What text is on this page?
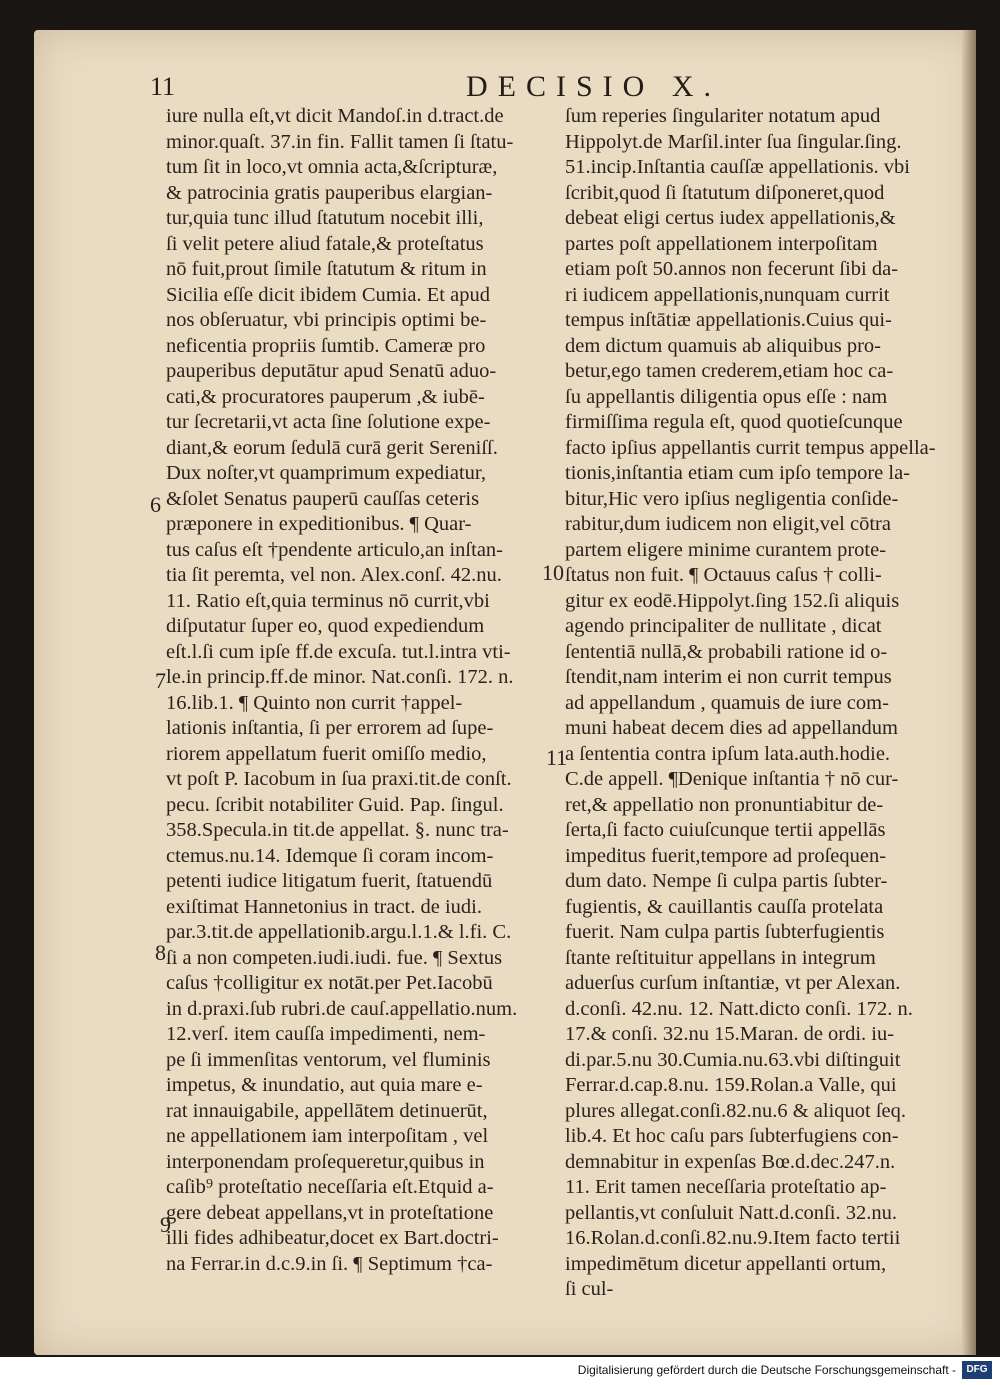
11	DECISIO X.
6
7
8
9
10
11
iure nulla eſt,vt dicit Mandoſ.in d.tract.de
minor.quaſt. 37.in fin. Fallit tamen ſi ſtatu-
tum ſit in loco,vt omnia acta,&ſcripturæ,
& patrocinia gratis pauperibus elargian-
tur,quia tunc illud ſtatutum nocebit illi,
ſi velit petere aliud fatale,& proteſtatus
nō fuit,prout ſimile ſtatutum & ritum in
Sicilia eſſe dicit ibidem Cumia. Et apud
nos obſeruatur, vbi principis optimi be-
neficentia propriis ſumtib. Cameræ pro
pauperibus deputātur apud Senatū aduo-
cati,& procuratores pauperum ,& iubē-
tur ſecretarii,vt acta ſine ſolutione expe-
diant,& eorum ſedulā curā gerit Sereniſſ.
Dux noſter,vt quamprimum expediatur,
&ſolet Senatus pauperū cauſſas ceteris
præponere in expeditionibus. ¶ Quar-
tus caſus eſt †pendente articulo,an inſtan-
tia ſit peremta, vel non. Alex.conſ. 42.nu.
11. Ratio eſt,quia terminus nō currit,vbi
diſputatur ſuper eo, quod expediendum
eſt.l.ſi cum ipſe ff.de excuſa. tut.l.intra vti-
le.in princip.ff.de minor. Nat.conſi. 172. n.
16.lib.1. ¶ Quinto non currit †appel-
lationis inſtantia, ſi per errorem ad ſupe-
riorem appellatum fuerit omiſſo medio,
vt poſt P. Iacobum in ſua praxi.tit.de conſt.
pecu. ſcribit notabiliter Guid. Pap. ſingul.
358.Specula.in tit.de appellat. §. nunc tra-
ctemus.nu.14. Idemque ſi coram incom-
petenti iudice litigatum fuerit, ſtatuendū
exiſtimat Hannetonius in tract. de iudi.
par.3.tit.de appellationib.argu.l.1.& l.fi. C.
ſi a non competen.iudi.iudi. fue. ¶ Sextus
caſus †colligitur ex notāt.per Pet.Iacobū
in d.praxi.ſub rubri.de cauſ.appellatio.num.
12.verſ. item cauſſa impedimenti, nem-
pe ſi immenſitas ventorum, vel fluminis
impetus, & inundatio, aut quia mare e-
rat innauigabile, appellātem detinuerūt,
ne appellationem iam interpoſitam , vel
interponendam proſequeretur,quibus in
caſib⁹ proteſtatio neceſſaria eſt.Etquid a-
gere debeat appellans,vt in proteſtatione
illi fides adhibeatur,docet ex Bart.doctri-
na Ferrar.in d.c.9.in ſi. ¶ Septimum †ca-
ſum reperies ſingulariter notatum apud
Hippolyt.de Marſil.inter ſua ſingular.ſing.
51.incip.Inſtantia cauſſæ appellationis. vbi
ſcribit,quod ſi ſtatutum diſponeret,quod
debeat eligi certus iudex appellationis,&
partes poſt appellationem interpoſitam
etiam poſt 50.annos non fecerunt ſibi da-
ri iudicem appellationis,nunquam currit
tempus inſtātiæ appellationis.Cuius qui-
dem dictum quamuis ab aliquibus pro-
betur,ego tamen crederem,etiam hoc ca-
ſu appellantis diligentia opus eſſe : nam
firmiſſima regula eſt, quod quotieſcunque
facto ipſius appellantis currit tempus appella-
tionis,inſtantia etiam cum ipſo tempore la-
bitur,Hic vero ipſius negligentia conſide-
rabitur,dum iudicem non eligit,vel cōtra
partem eligere minime curantem prote-
ſtatus non fuit. ¶ Octauus caſus † colli-
gitur ex eodē.Hippolyt.ſing 152.ſi aliquis
agendo principaliter de nullitate , dicat
ſententiā nullā,& probabili ratione id o-
ſtendit,nam interim ei non currit tempus
ad appellandum , quamuis de iure com-
muni habeat decem dies ad appellandum
a ſententia contra ipſum lata.auth.hodie.
C.de appell. ¶Denique inſtantia † nō cur-
ret,& appellatio non pronuntiabitur de-
ſerta,ſi facto cuiuſcunque tertii appellās
impeditus fuerit,tempore ad proſequen-
dum dato. Nempe ſi culpa partis ſubter-
fugientis, & cauillantis cauſſa protelata
fuerit. Nam culpa partis ſubterfugientis
ſtante reſtituitur appellans in integrum
aduerſus curſum inſtantiæ, vt per Alexan.
d.conſi. 42.nu. 12. Natt.dicto conſi. 172. n.
17.& conſi. 32.nu 15.Maran. de ordi. iu-
di.par.5.nu 30.Cumia.nu.63.vbi diſtinguit
Ferrar.d.cap.8.nu. 159.Rolan.a Valle, qui
plures allegat.conſi.82.nu.6 & aliquot ſeq.
lib.4. Et hoc caſu pars ſubterfugiens con-
demnabitur in expenſas Bœ.d.dec.247.n.
11. Erit tamen neceſſaria proteſtatio ap-
pellantis,vt conſuluit Natt.d.conſi. 32.nu.
16.Rolan.d.conſi.82.nu.9.Item facto tertii
impedimētum dicetur appellanti ortum,
ſi cul-
Digitalisierung gefördert durch die Deutsche Forschungsgemeinschaft -	DFG
